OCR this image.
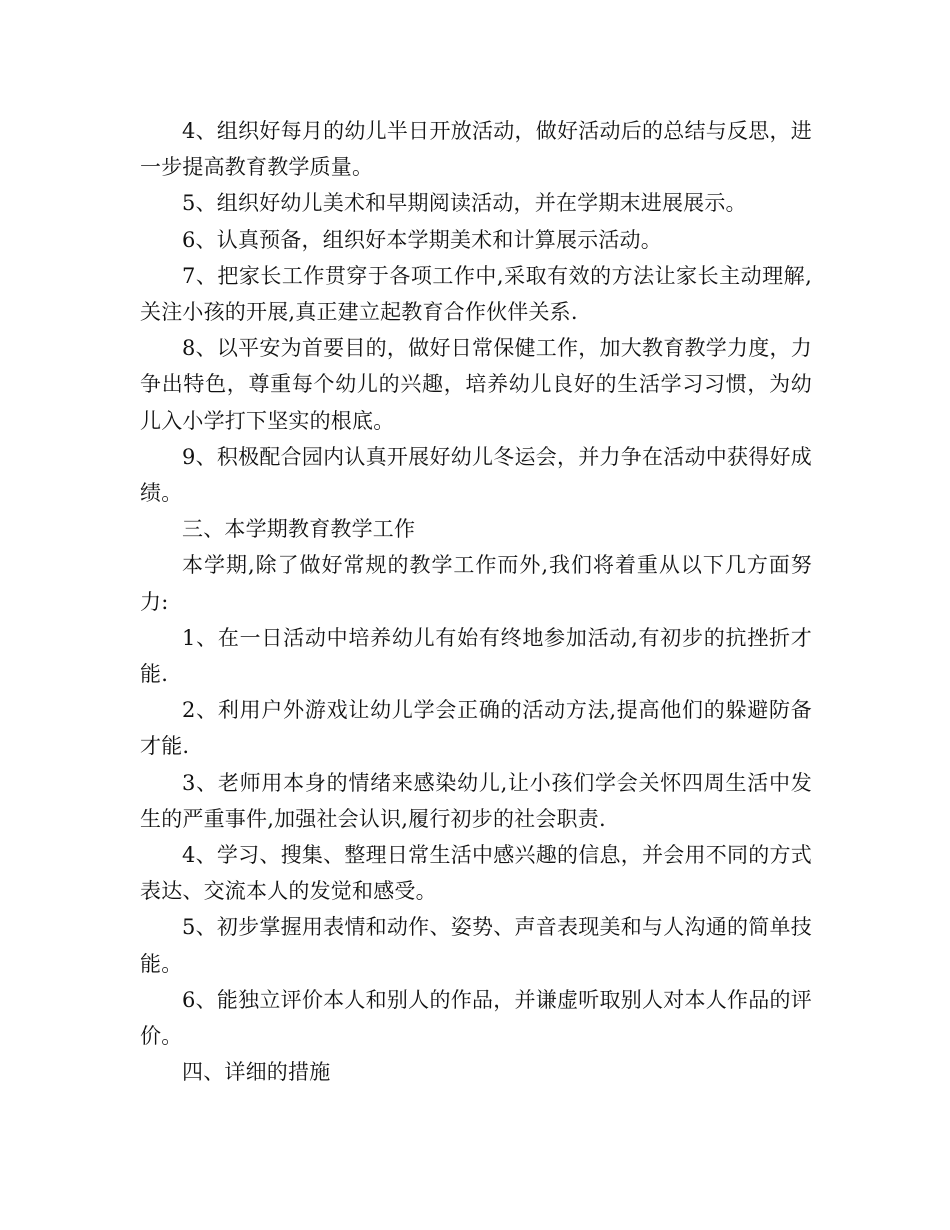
4、组织好每月的幼儿半日开放活动，做好活动后的总结与反思，进一步提高教育教学质量。

5、组织好幼儿美术和早期阅读活动，并在学期末进展展示。

6、认真预备，组织好本学期美术和计算展示活动。

7、把家长工作贯穿于各项工作中,采取有效的方法让家长主动理解,关注小孩的开展,真正建立起教育合作伙伴关系.

8、以平安为首要目的，做好日常保健工作，加大教育教学力度，力争出特色，尊重每个幼儿的兴趣，培养幼儿良好的生活学习习惯，为幼儿入小学打下坚实的根底。

9、积极配合园内认真开展好幼儿冬运会，并力争在活动中获得好成绩。

三、本学期教育教学工作

本学期,除了做好常规的教学工作而外,我们将着重从以下几方面努力:

1、在一日活动中培养幼儿有始有终地参加活动,有初步的抗挫折才能.

2、利用户外游戏让幼儿学会正确的活动方法,提高他们的躲避防备才能.

3、老师用本身的情绪来感染幼儿,让小孩们学会关怀四周生活中发生的严重事件,加强社会认识,履行初步的社会职责.

4、学习、搜集、整理日常生活中感兴趣的信息，并会用不同的方式表达、交流本人的发觉和感受。

5、初步掌握用表情和动作、姿势、声音表现美和与人沟通的简单技能。

6、能独立评价本人和别人的作品，并谦虚听取别人对本人作品的评价。

四、详细的措施
